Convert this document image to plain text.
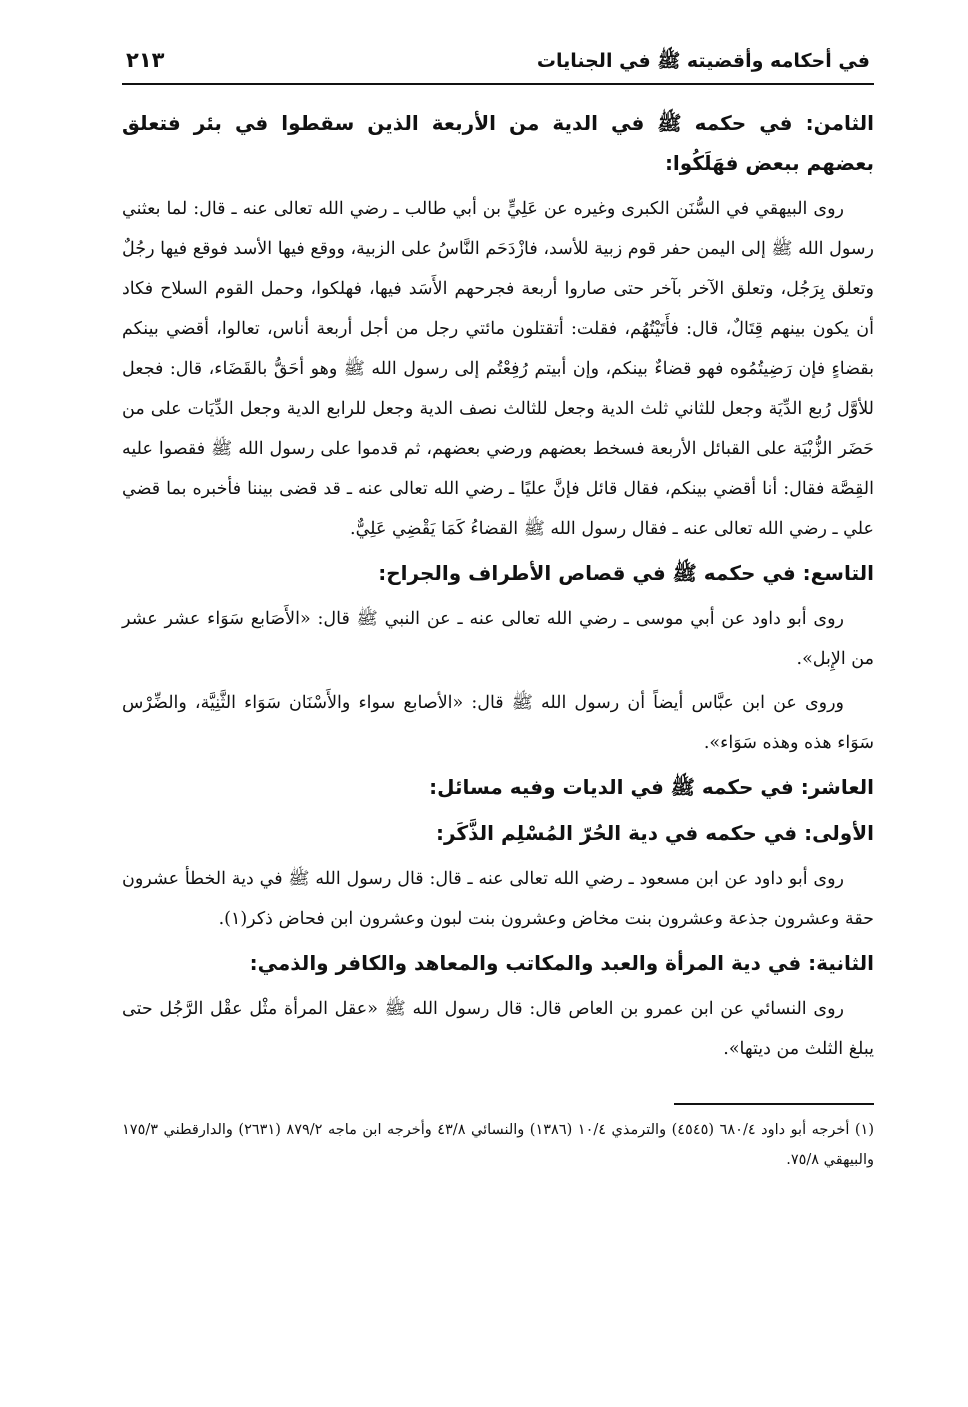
في أحكامه وأقضيته ﷺ في الجنايات
٢١٣
الثامن: في حكمه ﷺ في الدية من الأربعة الذين سقطوا في بئر فتعلق بعضهم ببعض فهَلَكُوا:

روى البيهقي في السُّنَن الكبرى وغيره عن عَلِيٍّ بن أبي طالب ـ رضي الله تعالى عنه ـ قال: لما بعثني رسول الله ﷺ إلى اليمن حفر قوم زبية للأسد، فازْدَحَم النَّاسُ على الزبية، ووقع فيها الأسد فوقع فيها رجُلٌ وتعلق بِرَجُل، وتعلق الآخر بآخر حتى صاروا أربعة فجرحهم الأَسَد فيها، فهلكوا، وحمل القوم السلاح فكاد أن يكون بينهم قِتَالٌ، قال: فأَتَيْتُهُم، فقلت: أتقتلون مائتي رجل من أجل أربعة أناس، تعالوا، أقضي بينكم بقضاءٍ فإن رَضِيتُمُوه فهو قضاءٌ بينكم، وإن أبيتم رُفِعْتُم إلى رسول الله ﷺ وهو أحَقُّ بالقَضَاء، قال: فجعل للأوَّل رُبع الدِّيَة وجعل للثاني ثلث الدية وجعل للثالث نصف الدية وجعل للرابع الدية وجعل الدِّيَات على من حَضَر الزُّبْيَة على القبائل الأربعة فسخط بعضهم ورضي بعضهم، ثم قدموا على رسول الله ﷺ فقصوا عليه القِصَّة فقال: أنا أقضي بينكم، فقال قائل فإنَّ عليًا ـ رضي الله تعالى عنه ـ قد قضى بيننا فأخبره بما قضي علي ـ رضي الله تعالى عنه ـ فقال رسول الله ﷺ القضاءُ كَمَا يَقْضِي عَلِيٌّ.

التاسع: في حكمه ﷺ في قصاص الأطراف والجراح:

روى أبو داود عن أبي موسى ـ رضي الله تعالى عنه ـ عن النبي ﷺ قال: «الأَصَابع سَوَاء عشر عشر من الإِبل».

وروى عن ابن عبَّاس أيضاً أن رسول الله ﷺ قال: «الأصابع سواء والأَسْنَان سَوَاء الثَّنِيَّة، والضِّرْس سَوَاء هذه وهذه سَوَاء».

العاشر: في حكمه ﷺ في الديات وفيه مسائل:
الأولى: في حكمه في دية الحُرّ المُسْلِم الذَّكَر:

روى أبو داود عن ابن مسعود ـ رضي الله تعالى عنه ـ قال: قال رسول الله ﷺ في دية الخطأ عشرون حقة وعشرون جذعة وعشرون بنت مخاض وعشرون بنت لبون وعشرون ابن فحاض ذكر(١).

الثانية: في دية المرأة والعبد والمكاتب والمعاهد والكافر والذمي:

روى النسائي عن ابن عمرو بن العاص قال: قال رسول الله ﷺ «عقل المرأة مثْل عقْل الرَّجُل حتى يبلغ الثلث من ديتها».

(١) أخرجه أبو داود ٦٨٠/٤ (٤٥٤٥) والترمذي ١٠/٤ (١٣٨٦) والنسائي ٤٣/٨ وأخرجه ابن ماجه ٨٧٩/٢ (٢٦٣١) والدارقطني ١٧٥/٣ والبيهقي ٧٥/٨.
